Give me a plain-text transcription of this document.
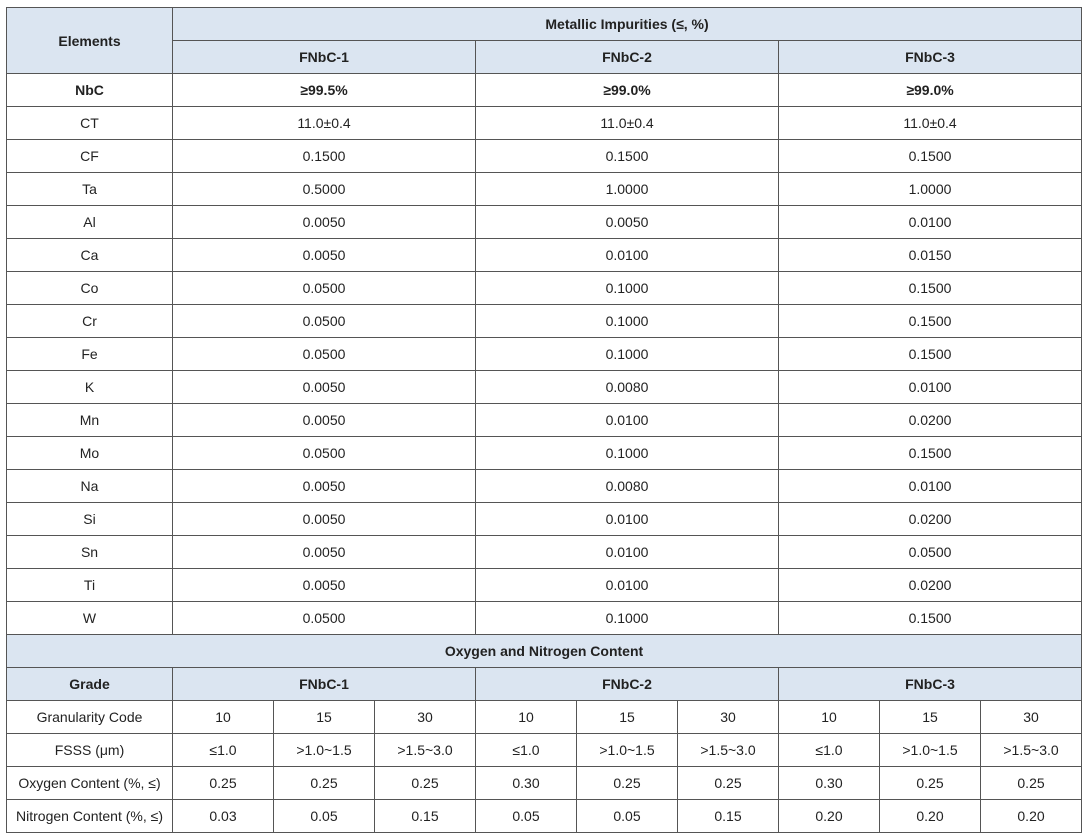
Elements	Metallic Impurities (≤, %)								
	FNbC-1			FNbC-2			FNbC-3		
NbC	≥99.5%			≥99.0%			≥99.0%		
CT	11.0±0.4			11.0±0.4			11.0±0.4		
CF	0.1500			0.1500			0.1500		
Ta	0.5000			1.0000			1.0000		
Al	0.0050			0.0050			0.0100		
Ca	0.0050			0.0100			0.0150		
Co	0.0500			0.1000			0.1500		
Cr	0.0500			0.1000			0.1500		
Fe	0.0500			0.1000			0.1500		
K	0.0050			0.0080			0.0100		
Mn	0.0050			0.0100			0.0200		
Mo	0.0500			0.1000			0.1500		
Na	0.0050			0.0080			0.0100		
Si	0.0050			0.0100			0.0200		
Sn	0.0050			0.0100			0.0500		
Ti	0.0050			0.0100			0.0200		
W	0.0500			0.1000			0.1500		
Oxygen and Nitrogen Content									
Grade	FNbC-1			FNbC-2			FNbC-3		
Granularity Code	10	15	30	10	15	30	10	15	30
FSSS (μm)	≤1.0	>1.0~1.5	>1.5~3.0	≤1.0	>1.0~1.5	>1.5~3.0	≤1.0	>1.0~1.5	>1.5~3.0
Oxygen Content (%, ≤)	0.25	0.25	0.25	0.30	0.25	0.25	0.30	0.25	0.25
Nitrogen Content (%, ≤)	0.03	0.05	0.15	0.05	0.05	0.15	0.20	0.20	0.20
